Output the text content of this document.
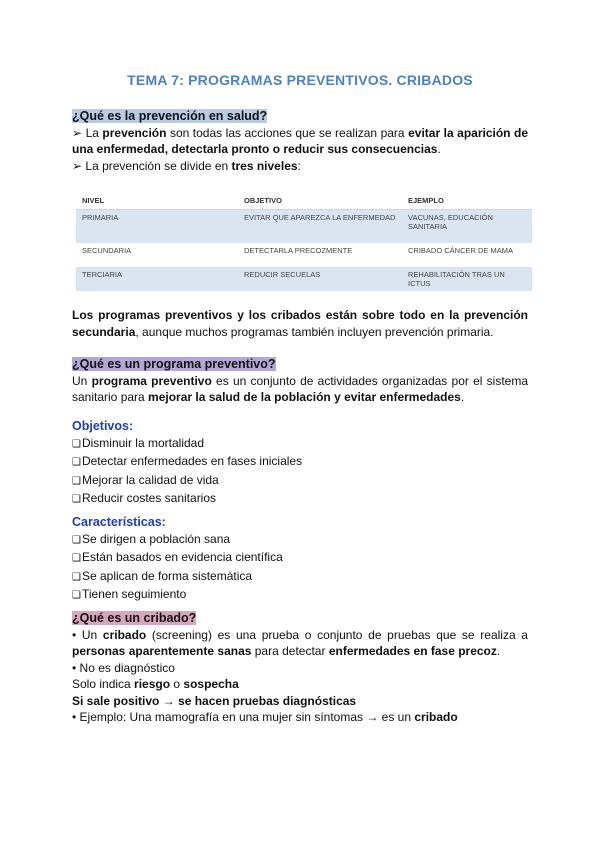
TEMA 7: PROGRAMAS PREVENTIVOS. CRIBADOS
¿Qué es la prevención en salud?
➢ La prevención son todas las acciones que se realizan para evitar la aparición de una enfermedad, detectarla pronto o reducir sus consecuencias.
➢ La prevención se divide en tres niveles:
NIVEL	OBJETIVO	EJEMPLO
PRIMARIA	EVITAR QUE APAREZCA LA ENFERMEDAD	VACUNAS, EDUCACIÓN SANITARIA
SECUNDARIA	DETECTARLA PRECOZMENTE	CRIBADO CÁNCER DE MAMA
TERCIARIA	REDUCIR SECUELAS	REHABILITACIÓN TRAS UN ICTUS
Los programas preventivos y los cribados están sobre todo en la prevención secundaria, aunque muchos programas también incluyen prevención primaria.
¿Qué es un programa preventivo?
Un programa preventivo es un conjunto de actividades organizadas por el sistema sanitario para mejorar la salud de la población y evitar enfermedades.
Objetivos:
❑Disminuir la mortalidad
❑Detectar enfermedades en fases iniciales
❑Mejorar la calidad de vida
❑Reducir costes sanitarios
Características:
❑Se dirigen a población sana
❑Están basados en evidencia científica
❑Se aplican de forma sistemática
❑Tienen seguimiento
¿Qué es un cribado?
• Un cribado (screening) es una prueba o conjunto de pruebas que se realiza a personas aparentemente sanas para detectar enfermedades en fase precoz.
• No es diagnóstico
Solo indica riesgo o sospecha
Si sale positivo → se hacen pruebas diagnósticas
• Ejemplo: Una mamografía en una mujer sin síntomas → es un cribado
